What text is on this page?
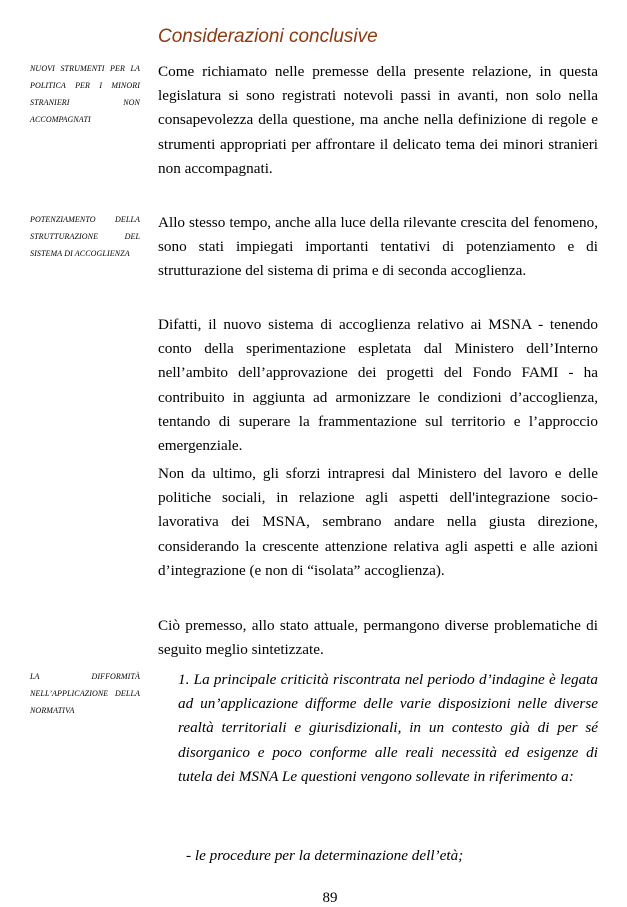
Considerazioni conclusive
NUOVI STRUMENTI PER LA POLITICA PER I MINORI STRANIERI NON ACCOMPAGNATI
POTENZIAMENTO DELLA STRUTTURAZIONE DEL SISTEMA DI ACCOGLIENZA
LA DIFFORMITÀ NELL’APPLICAZIONE DELLA NORMATIVA

Come richiamato nelle premesse della presente relazione, in questa legislatura si sono registrati notevoli passi in avanti, non solo nella consapevolezza della questione, ma anche nella definizione di regole e strumenti appropriati per affrontare il delicato tema dei minori stranieri non accompagnati.

Allo stesso tempo, anche alla luce della rilevante crescita del fenomeno, sono stati impiegati importanti tentativi di potenziamento e di strutturazione del sistema di prima e di seconda accoglienza.

Difatti, il nuovo sistema di accoglienza relativo ai MSNA - tenendo conto della sperimentazione espletata dal Ministero dell’Interno nell’ambito dell’approvazione dei progetti del Fondo FAMI - ha contribuito in aggiunta ad armonizzare le condizioni d’accoglienza, tentando di superare la frammentazione sul territorio e l’approccio emergenziale.

Non da ultimo, gli sforzi intrapresi dal Ministero del lavoro e delle politiche sociali, in relazione agli aspetti dell'integrazione socio-lavorativa dei MSNA, sembrano andare nella giusta direzione, considerando la crescente attenzione relativa agli aspetti e alle azioni d’integrazione (e non di “isolata” accoglienza).

Ciò premesso, allo stato attuale, permangono diverse problematiche di seguito meglio sintetizzate.

1. La principale criticità riscontrata nel periodo d’indagine è legata ad un’applicazione difforme delle varie disposizioni nelle diverse realtà territoriali e giurisdizionali, in un contesto già di per sé disorganico e poco conforme alle reali necessità ed esigenze di tutela dei MSNA Le questioni vengono sollevate in riferimento a:

- le procedure per la determinazione dell’età;

89
